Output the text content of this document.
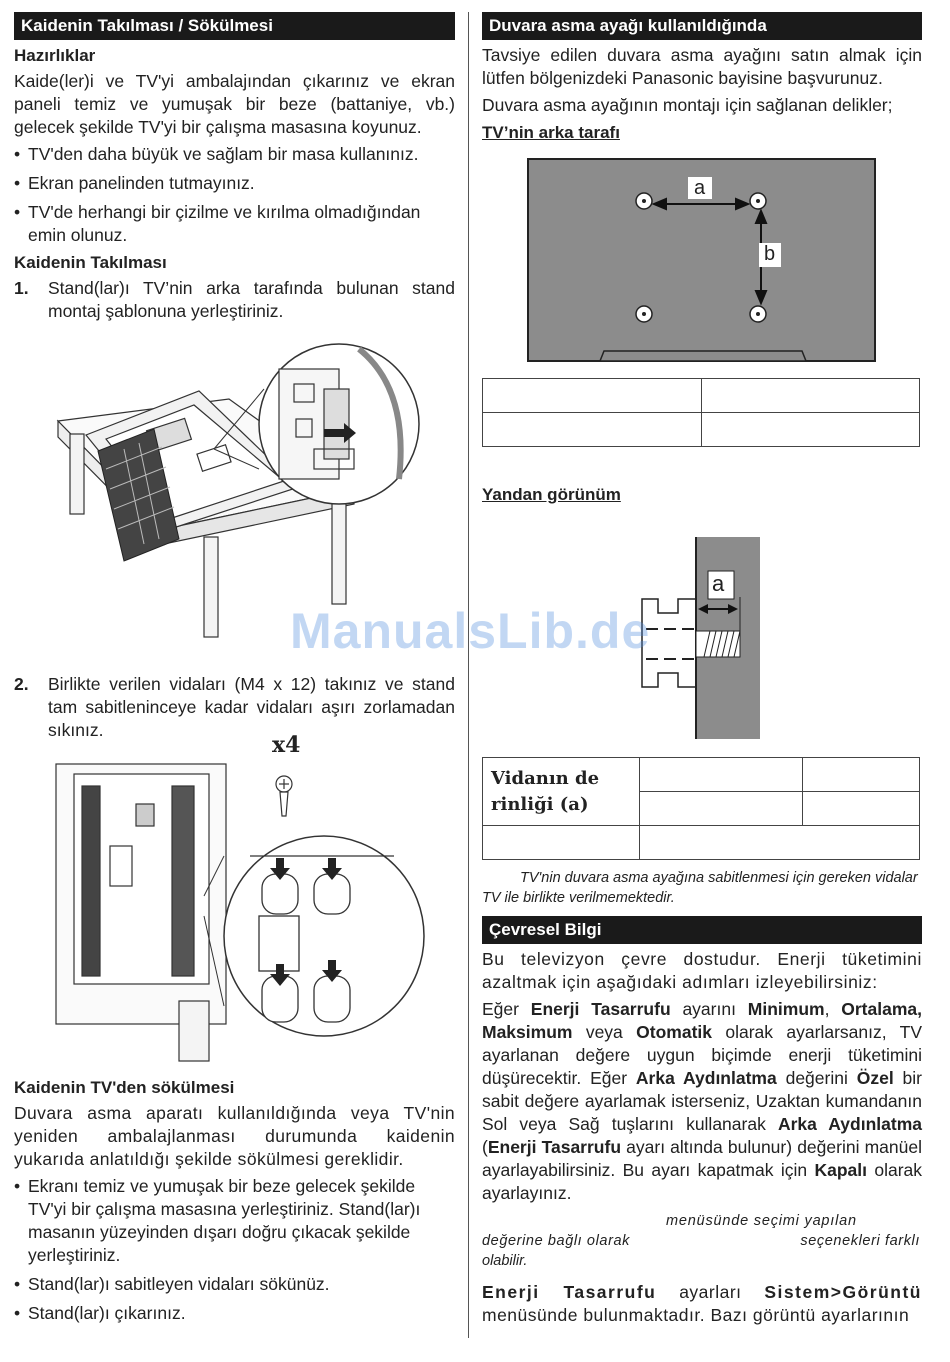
Kaidenin Takılması / Sökülmesi
Hazırlıklar
Kaide(ler)i ve TV'yi ambalajından çıkarınız ve ekran paneli temiz ve yumuşak bir beze (battaniye, vb.) gelecek şekilde TV'yi bir çalışma masasına koyunuz.
• TV'den daha büyük ve sağlam bir masa kullanınız.
• Ekran panelinden tutmayınız.
• TV'de herhangi bir çizilme ve kırılma olmadığından emin olunuz.
Kaidenin Takılması
1.	Stand(lar)ı TV’nin arka tarafında bulunan stand montaj şablonuna yerleştiriniz.
2.	Birlikte verilen vidaları (M4 x 12) takınız ve stand tam sabitleninceye kadar vidaları aşırı zorlamadan sıkınız.
x4
Kaidenin TV'den sökülmesi
Duvara asma aparatı kullanıldığında veya TV'nin yeniden ambalajlanması durumunda kaidenin yukarıda anlatıldığı şekilde sökülmesi gereklidir.
• Ekranı temiz ve yumuşak bir beze gelecek şekilde TV'yi bir çalışma masasına yerleştiriniz. Stand(lar)ı masanın yüzeyinden dışarı doğru çıkacak şekilde yerleştiriniz.
• Stand(lar)ı sabitleyen vidaları sökünüz.
• Stand(lar)ı çıkarınız.
Duvara asma ayağı kullanıldığında
Tavsiye edilen duvara asma ayağını satın almak için lütfen bölgenizdeki Panasonic bayisine başvurunuz.
Duvara asma ayağının montajı için sağlanan delikler;
TV’nin arka tarafı
a
b

Yandan görünüm
a
Vidanın de rinliği (a)		

TV'nin duvara asma ayağına sabitlenmesi için gereken vidalar TV ile birlikte verilmemektedir.
Çevresel Bilgi
Bu televizyon çevre dostudur. Enerji tüketimini azaltmak için aşağıdaki adımları izleyebilirsiniz:
Eğer Enerji Tasarrufu ayarını Minimum, Ortalama, Maksimum veya Otomatik olarak ayarlarsanız, TV ayarlanan değere uygun biçimde enerji tüketimini düşürecektir. Eğer Arka Aydınlatma değerini Özel bir sabit değere ayarlamak isterseniz, Uzaktan kumandanın Sol veya Sağ tuşlarını kullanarak Arka Aydınlatma (Enerji Tasarrufu ayarı altında bulunur) değerini manüel ayarlayabilirsiniz. Bu ayarı kapatmak için Kapalı olarak ayarlayınız.
menüsünde seçimi yapılan
değerine bağlı olarak	seçenekleri farklı
olabilir.
Enerji Tasarrufu ayarları Sistem>Görüntü menüsünde bulunmaktadır. Bazı görüntü ayarlarının
ManualsLib.de
